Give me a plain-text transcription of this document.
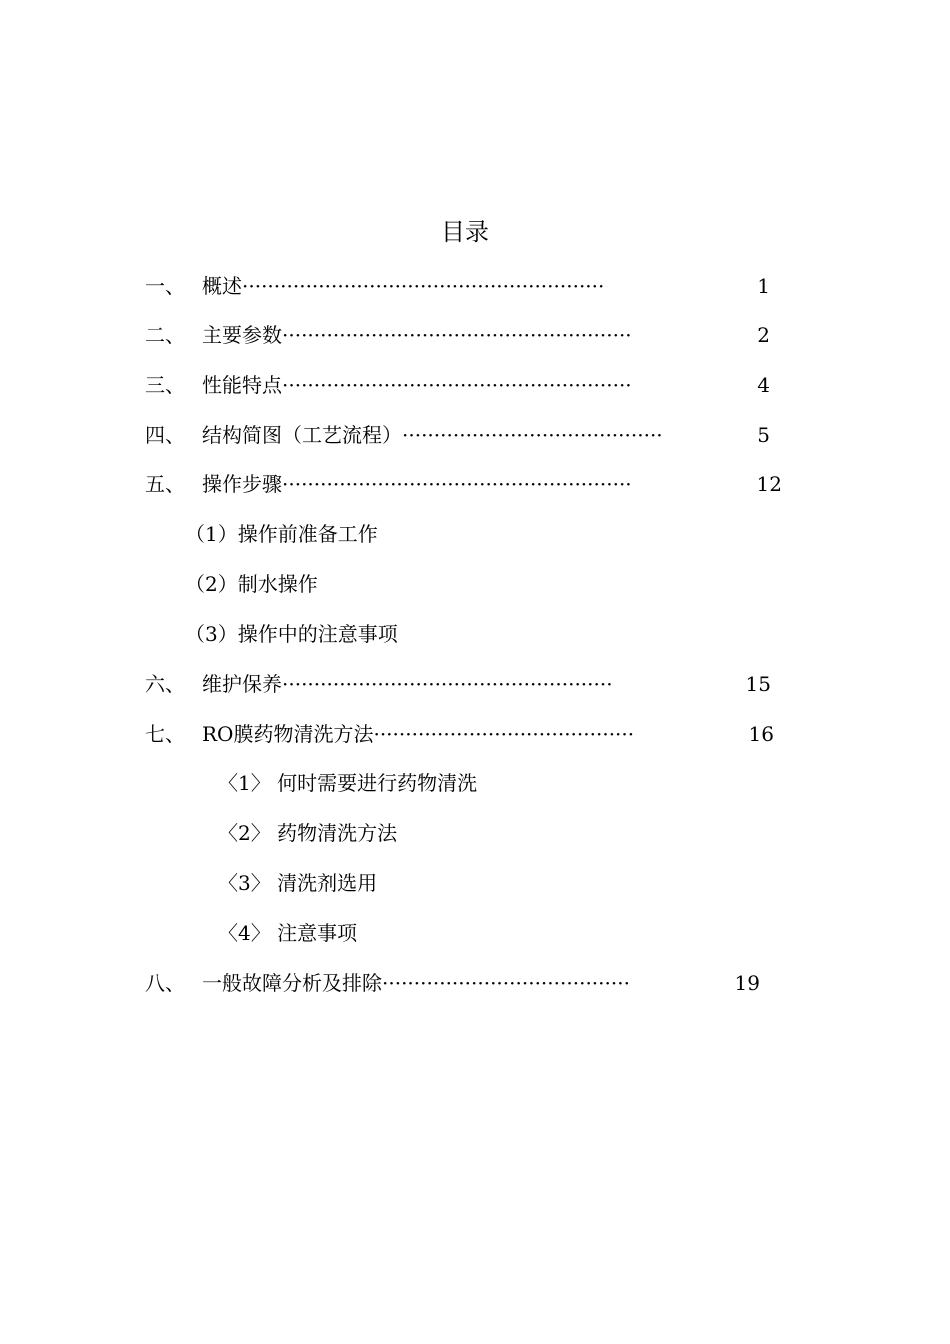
目录
一、 概述 ·························································	1
二、 主要参数 ·······················································	2
三、 性能特点 ·······················································	4
四、 结构简图（工艺流程） ·········································	5
五、 操作步骤 ·······················································	12
（1）操作前准备工作
（2）制水操作
（3）操作中的注意事项
六、 维护保养 ····················································	15
七、 RO膜药物清洗方法 ·········································	16
〈1〉 何时需要进行药物清洗
〈2〉 药物清洗方法
〈3〉 清洗剂选用
〈4〉 注意事项
八、 一般故障分析及排除 ·······································	19
